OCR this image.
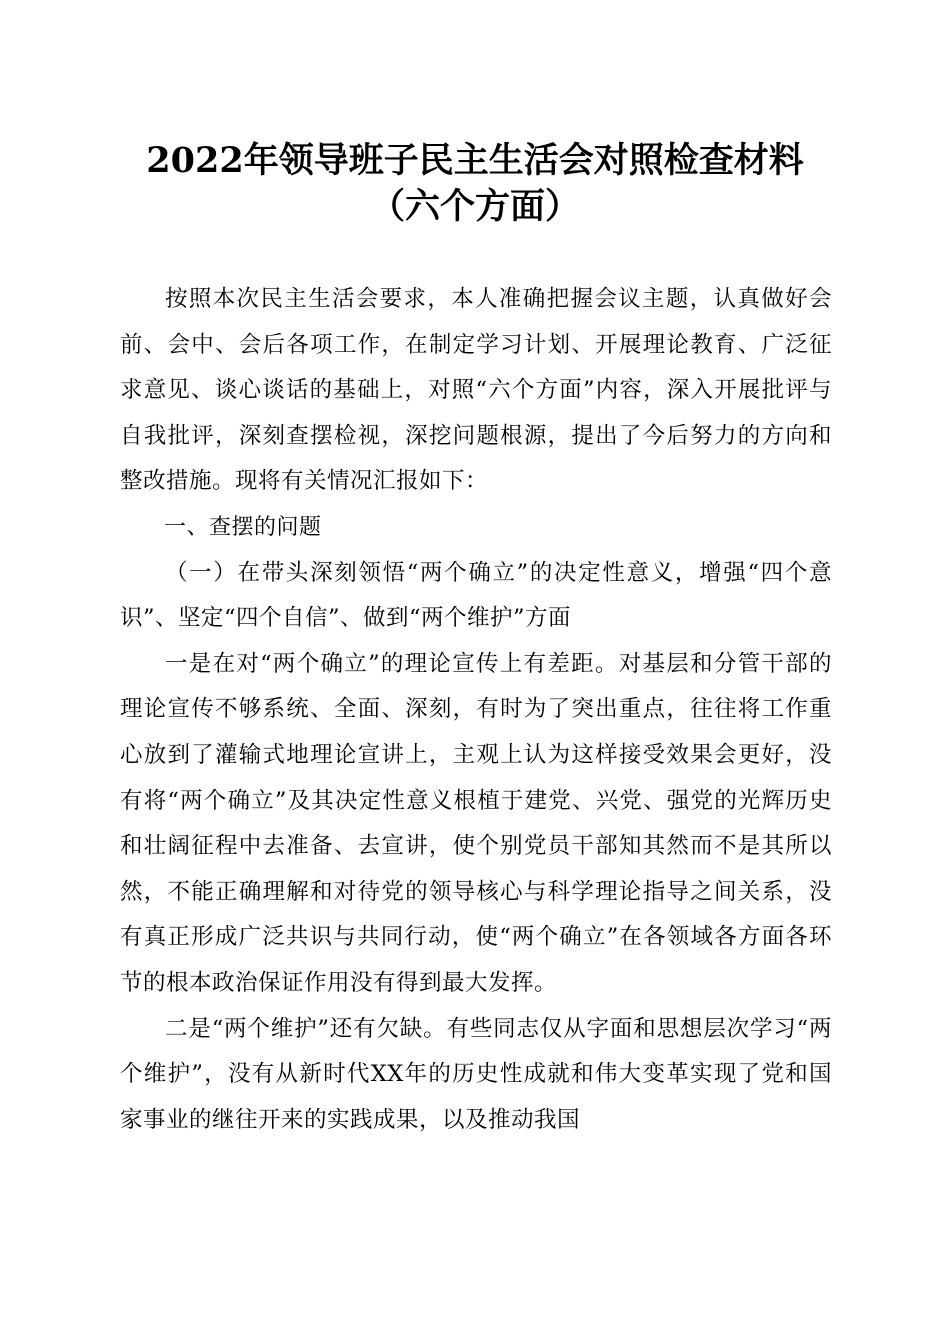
2022年领导班子民主生活会对照检查材料
（六个方面）

按照本次民主生活会要求，本人准确把握会议主题，认真做好会前、会中、会后各项工作，在制定学习计划、开展理论教育、广泛征求意见、谈心谈话的基础上，对照“六个方面”内容，深入开展批评与自我批评，深刻查摆检视，深挖问题根源，提出了今后努力的方向和整改措施。现将有关情况汇报如下：

一、查摆的问题

（一）在带头深刻领悟“两个确立”的决定性意义，增强“四个意识”、坚定“四个自信”、做到“两个维护”方面

一是在对“两个确立”的理论宣传上有差距。对基层和分管干部的理论宣传不够系统、全面、深刻，有时为了突出重点，往往将工作重心放到了灌输式地理论宣讲上，主观上认为这样接受效果会更好，没有将“两个确立”及其决定性意义根植于建党、兴党、强党的光辉历史和壮阔征程中去准备、去宣讲，使个别党员干部知其然而不是其所以然，不能正确理解和对待党的领导核心与科学理论指导之间关系，没有真正形成广泛共识与共同行动，使“两个确立”在各领域各方面各环节的根本政治保证作用没有得到最大发挥。

二是“两个维护”还有欠缺。有些同志仅从字面和思想层次学习“两个维护”，没有从新时代XX年的历史性成就和伟大变革实现了党和国家事业的继往开来的实践成果，以及推动我国
